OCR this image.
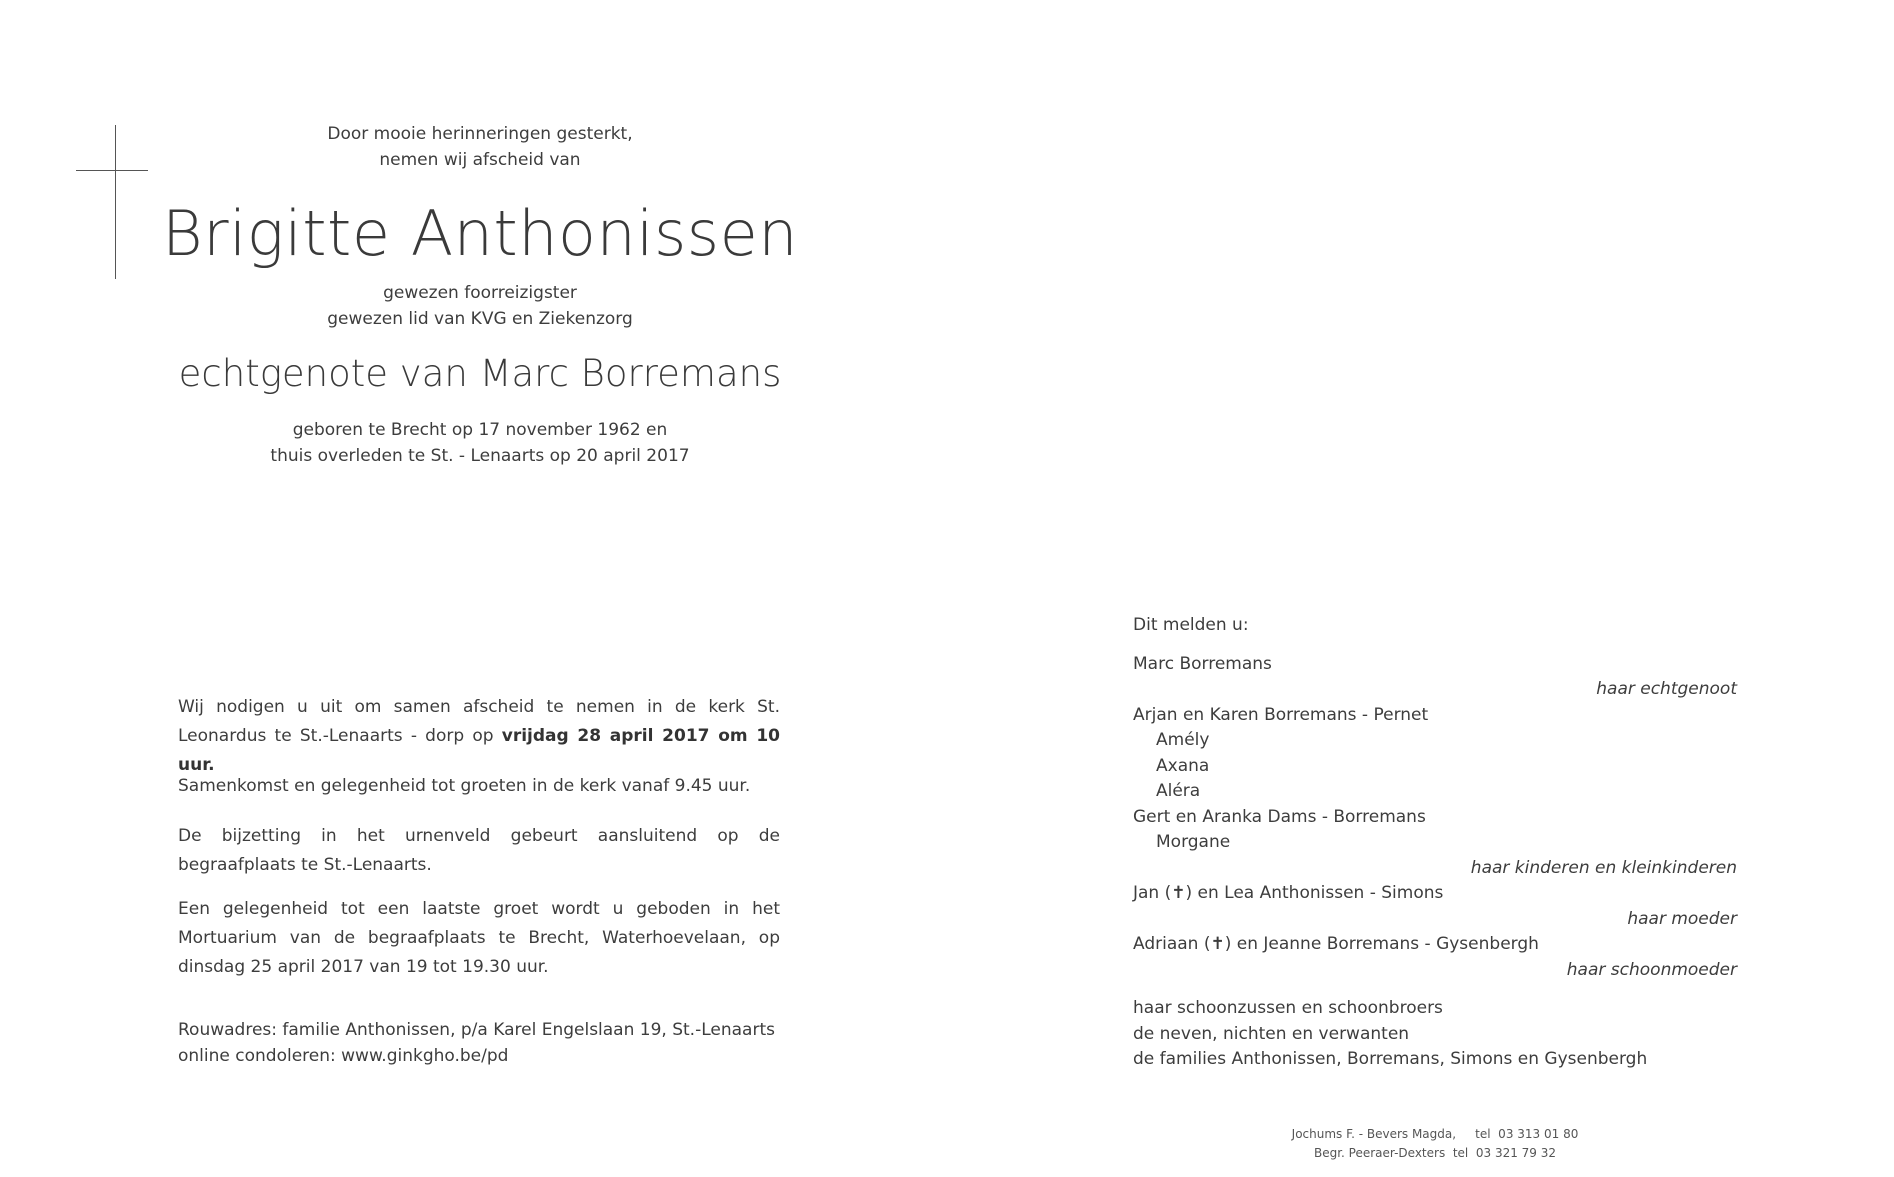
Door mooie herinneringen gesterkt,
nemen wij afscheid van
Brigitte Anthonissen
gewezen foorreizigster
gewezen lid van KVG en Ziekenzorg
echtgenote van Marc Borremans
geboren te Brecht op 17 november 1962 en
thuis overleden te St. - Lenaarts op 20 april 2017
Wij nodigen u uit om samen afscheid te nemen in de kerk St. Leonardus te St.-Lenaarts - dorp op vrijdag 28 april 2017 om 10 uur.
Samenkomst en gelegenheid tot groeten in de kerk vanaf 9.45 uur.
De bijzetting in het urnenveld gebeurt aansluitend op de begraafplaats te St.-Lenaarts.
Een gelegenheid tot een laatste groet wordt u geboden in het Mortuarium van de begraafplaats te Brecht, Waterhoevelaan, op dinsdag 25 april 2017 van 19 tot 19.30 uur.
Rouwadres: familie Anthonissen, p/a Karel Engelslaan 19, St.-Lenaarts
online condoleren: www.ginkgho.be/pd
Dit melden u:
Marc Borremans
haar echtgenoot
Arjan en Karen Borremans - Pernet
Amély
Axana
Aléra
Gert en Aranka Dams - Borremans
Morgane
haar kinderen en kleinkinderen
Jan (✝) en Lea Anthonissen - Simons
haar moeder
Adriaan (✝) en Jeanne Borremans - Gysenbergh
haar schoonmoeder
haar schoonzussen en schoonbroers
de neven, nichten en verwanten
de families Anthonissen, Borremans, Simons en Gysenbergh
Jochums F. - Bevers Magda,     tel  03 313 01 80
Begr. Peeraer-Dexters  tel  03 321 79 32
